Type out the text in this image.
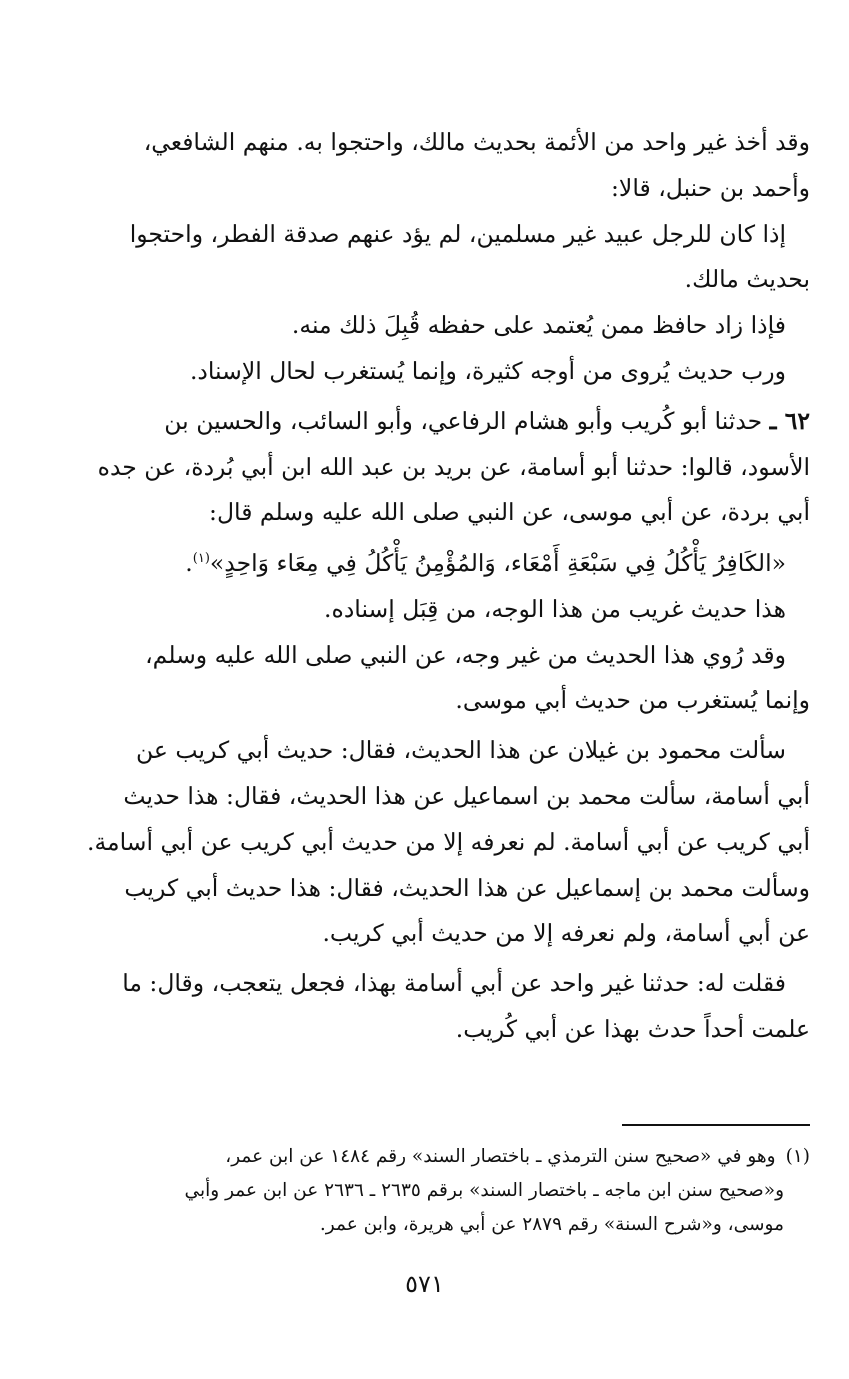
وقد أخذ غير واحد من الأئمة بحديث مالك، واحتجوا به. منهم الشافعي،
وأحمد بن حنبل، قالا:
إذا كان للرجل عبيد غير مسلمين، لم يؤد عنهم صدقة الفطر، واحتجوا
بحديث مالك.
فإذا زاد حافظ ممن يُعتمد على حفظه قُبِلَ ذلك منه.
ورب حديث يُروى من أوجه كثيرة، وإنما يُستغرب لحال الإسناد.
٦٢ ـ حدثنا أبو كُريب وأبو هشام الرفاعي، وأبو السائب، والحسين بن
الأسود، قالوا: حدثنا أبو أسامة، عن بريد بن عبد الله ابن أبي بُردة، عن جده
أبي بردة، عن أبي موسى، عن النبي صلى الله عليه وسلم قال:
«الكَافِرُ يَأْكُلُ فِي سَبْعَةِ أَمْعَاء، وَالمُؤْمِنُ يَأْكُلُ فِي مِعَاء وَاحِدٍ»$^{(١)}$.
هذا حديث غريب من هذا الوجه، من قِبَل إسناده.
وقد رُوي هذا الحديث من غير وجه، عن النبي صلى الله عليه وسلم،
وإنما يُستغرب من حديث أبي موسى.
سألت محمود بن غيلان عن هذا الحديث، فقال: حديث أبي كريب عن
أبي أسامة، سألت محمد بن اسماعيل عن هذا الحديث، فقال: هذا حديث
أبي كريب عن أبي أسامة. لم نعرفه إلا من حديث أبي كريب عن أبي أسامة.
وسألت محمد بن إسماعيل عن هذا الحديث، فقال: هذا حديث أبي كريب
عن أبي أسامة، ولم نعرفه إلا من حديث أبي كريب.
فقلت له: حدثنا غير واحد عن أبي أسامة بهذا، فجعل يتعجب، وقال: ما
علمت أحداً حدث بهذا عن أبي كُريب.
(١)وهو في «صحيح سنن الترمذي ـ باختصار السند» رقم ١٤٨٤ عن ابن عمر،
و«صحيح سنن ابن ماجه ـ باختصار السند» برقم ٢٦٣٥ ـ ٢٦٣٦ عن ابن عمر وأبي
موسى، و«شرح السنة» رقم ٢٨٧٩ عن أبي هريرة، وابن عمر.
٥٧١
